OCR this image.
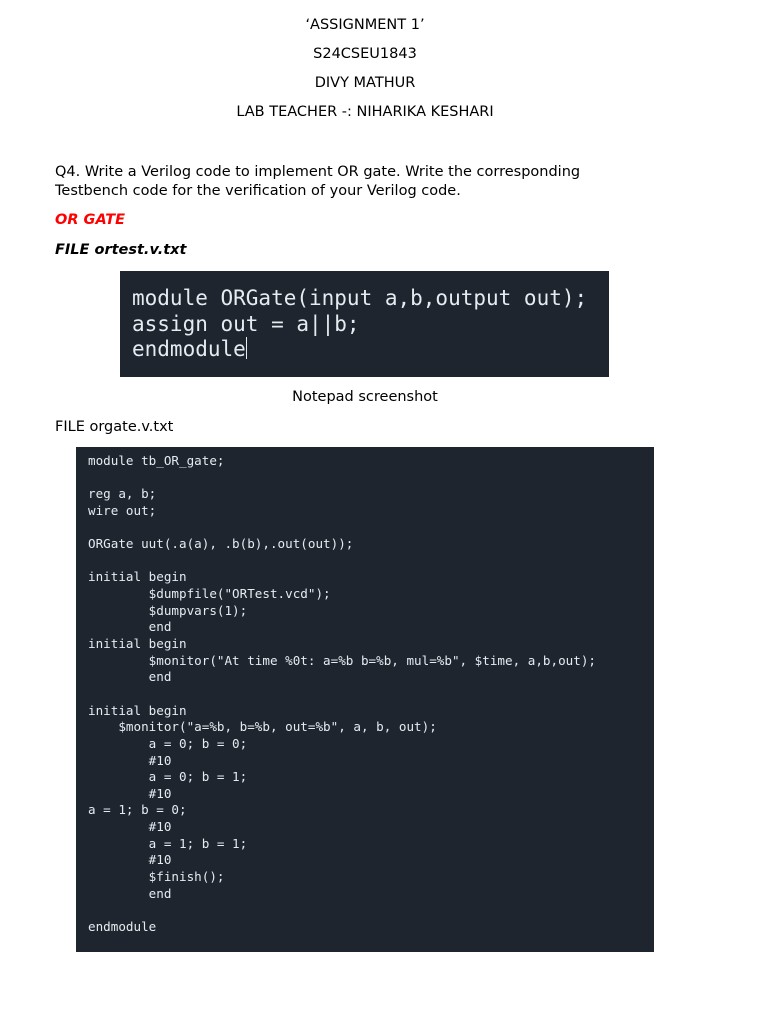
‘ASSIGNMENT 1’
S24CSEU1843
DIVY MATHUR
LAB TEACHER -: NIHARIKA KESHARI
Q4. Write a Verilog code to implement OR gate. Write the corresponding
Testbench code for the verification of your Verilog code.
OR GATE
FILE ortest.v.txt
module ORGate(input a,b,output out);
assign out = a||b;
endmodule
Notepad screenshot
FILE orgate.v.txt
module tb_OR_gate;
reg a, b;
wire out;
ORGate uut(.a(a), .b(b),.out(out));
initial begin
$dumpfile("ORTest.vcd");
$dumpvars(1);
end
initial begin
$monitor("At time %0t: a=%b b=%b, mul=%b", $time, a,b,out);
end
initial begin
$monitor("a=%b, b=%b, out=%b", a, b, out);
a = 0; b = 0;
#10
a = 0; b = 1;
#10
a = 1; b = 0;
#10
a = 1; b = 1;
#10
$finish();
end
endmodule
